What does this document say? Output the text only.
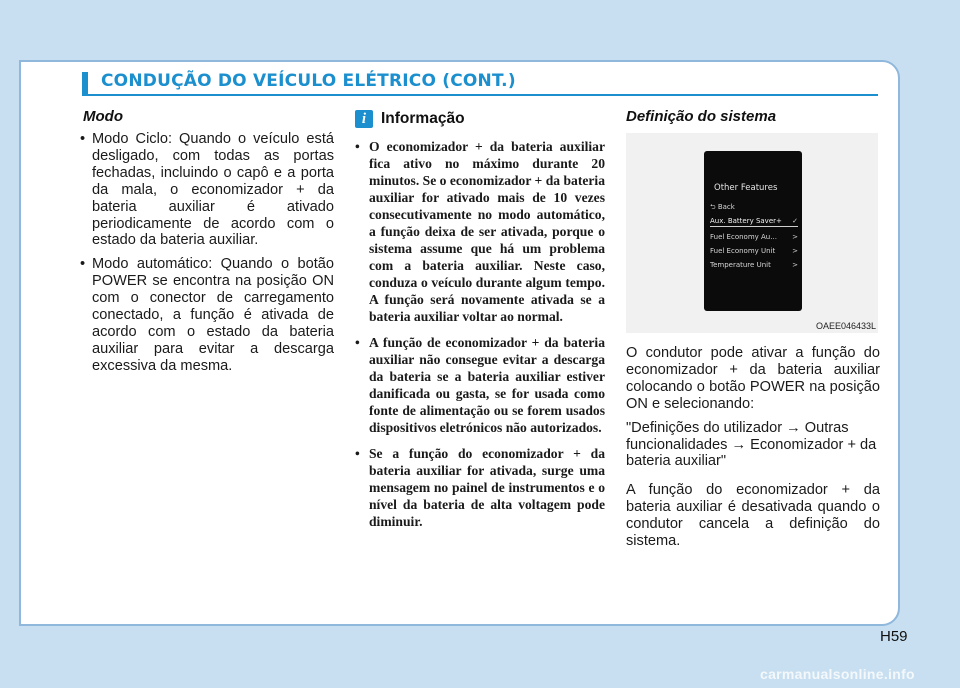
CONDUÇÃO DO VEÍCULO ELÉTRICO (CONT.)
Modo
• Modo Ciclo: Quando o veículo está desligado, com todas as portas fechadas, incluindo o capô e a porta da mala, o economizador + da bateria auxiliar é ativado periodicamente de acordo com o estado da bateria auxiliar.
• Modo automático: Quando o botão POWER se encontra na posição ON com o conector de carregamento conectado, a função é ativada de acordo com o estado da bateria auxiliar para evitar a descarga excessiva da mesma.
i Informação
• O economizador + da bateria auxiliar fica ativo no máximo durante 20 minutos. Se o economizador + da bateria auxiliar for ativado mais de 10 vezes consecutivamente no modo automático, a função deixa de ser ativada, porque o sistema assume que há um problema com a bateria auxiliar. Neste caso, conduza o veículo durante algum tempo. A função será novamente ativada se a bateria auxiliar voltar ao normal.
• A função de economizador + da bateria auxiliar não consegue evitar a descarga da bateria se a bateria auxiliar estiver danificada ou gasta, se for usada como fonte de alimentação ou se forem usados dispositivos eletrónicos não autorizados.
• Se a função do economizador + da bateria auxiliar for ativada, surge uma mensagem no painel de instrumentos e o nível da bateria de alta voltagem pode diminuir.
Definição do sistema
Other Features
⮌ Back
Aux. Battery Saver+ ✓
Fuel Economy Au... >
Fuel Economy Unit >
Temperature Unit	>
OAEE046433L

O condutor pode ativar a função do economizador + da bateria auxiliar colocando o botão POWER na posição ON e selecionando:

"Definições do utilizador → Outras funcionalidades → Economizador + da bateria auxiliar"

A função do economizador + da bateria auxiliar é desativada quando o condutor cancela a definição do sistema.

H59
carmanualsonline.info
